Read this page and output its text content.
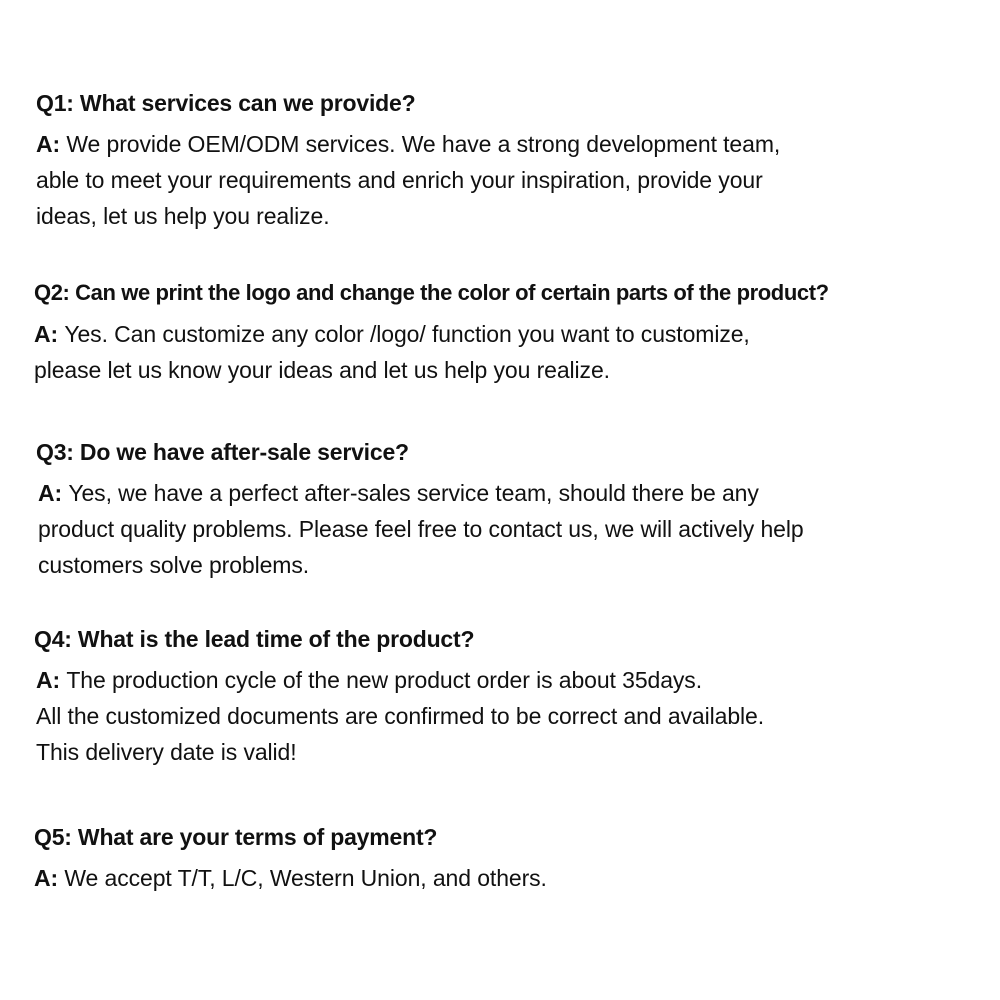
Q1: What services can we provide?
A: We provide OEM/ODM services. We have a strong development team,
able to meet your requirements and enrich your inspiration, provide your
ideas, let us help you realize.
Q2: Can we print the logo and change the color of certain parts of the product?
A: Yes. Can customize any color /logo/ function you want to customize,
please let us know your ideas and let us help you realize.
Q3: Do we have after-sale service?
A: Yes, we have a perfect after-sales service team, should there be any
product quality problems. Please feel free to contact us, we will actively help
customers solve problems.
Q4: What is the lead time of the product?
A: The production cycle of the new product order is about 35days.
All the customized documents are confirmed to be correct and available.
This delivery date is valid!
Q5: What are your terms of payment?
A: We accept T/T, L/C, Western Union, and others.
